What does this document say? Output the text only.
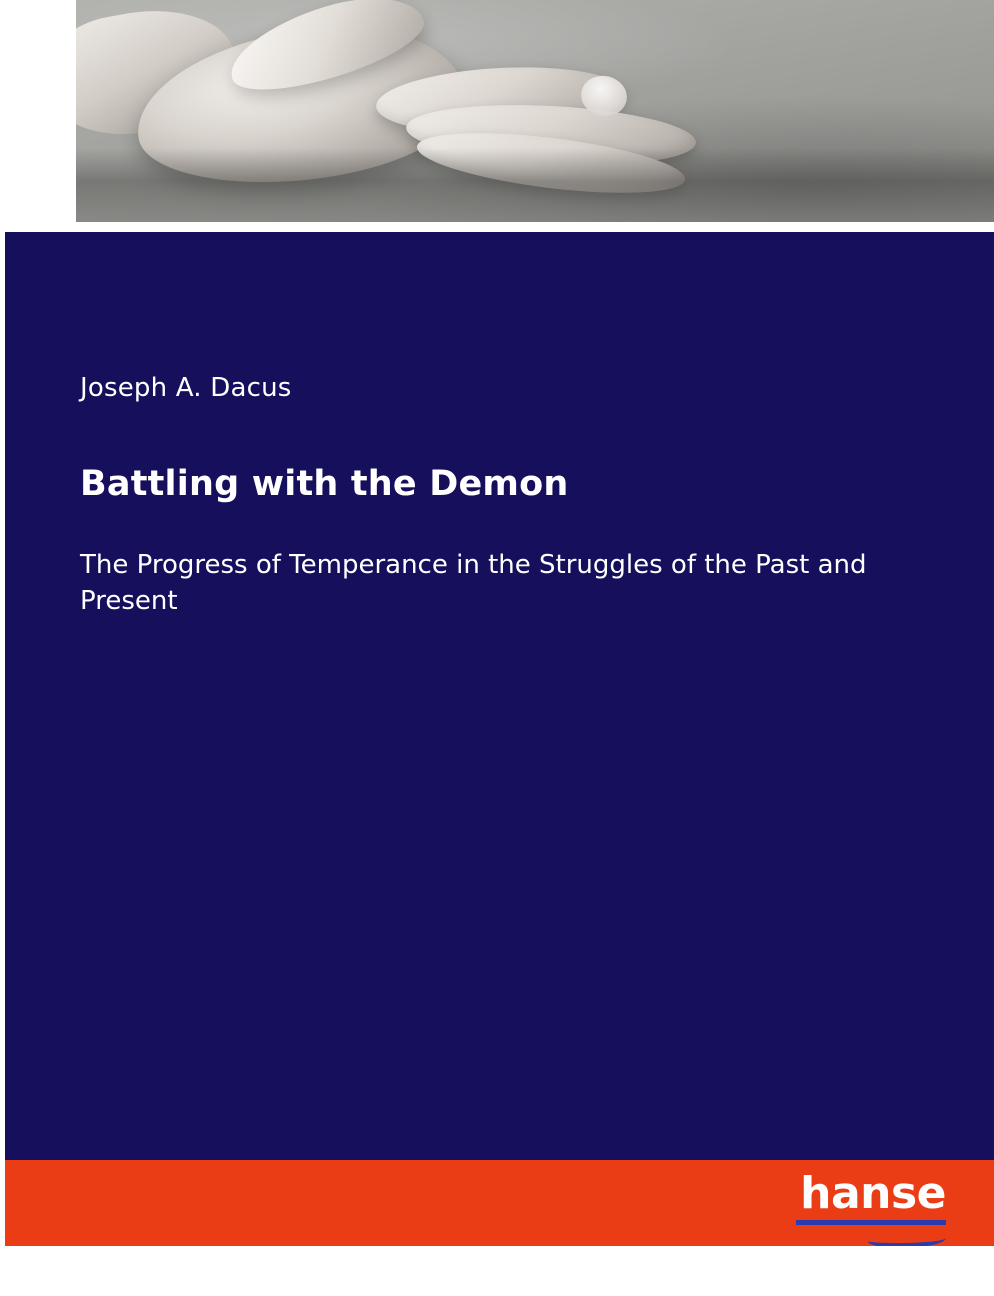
Joseph A. Dacus

Battling with the Demon

The Progress of Temperance in the Struggles of the Past and Present

hanse
